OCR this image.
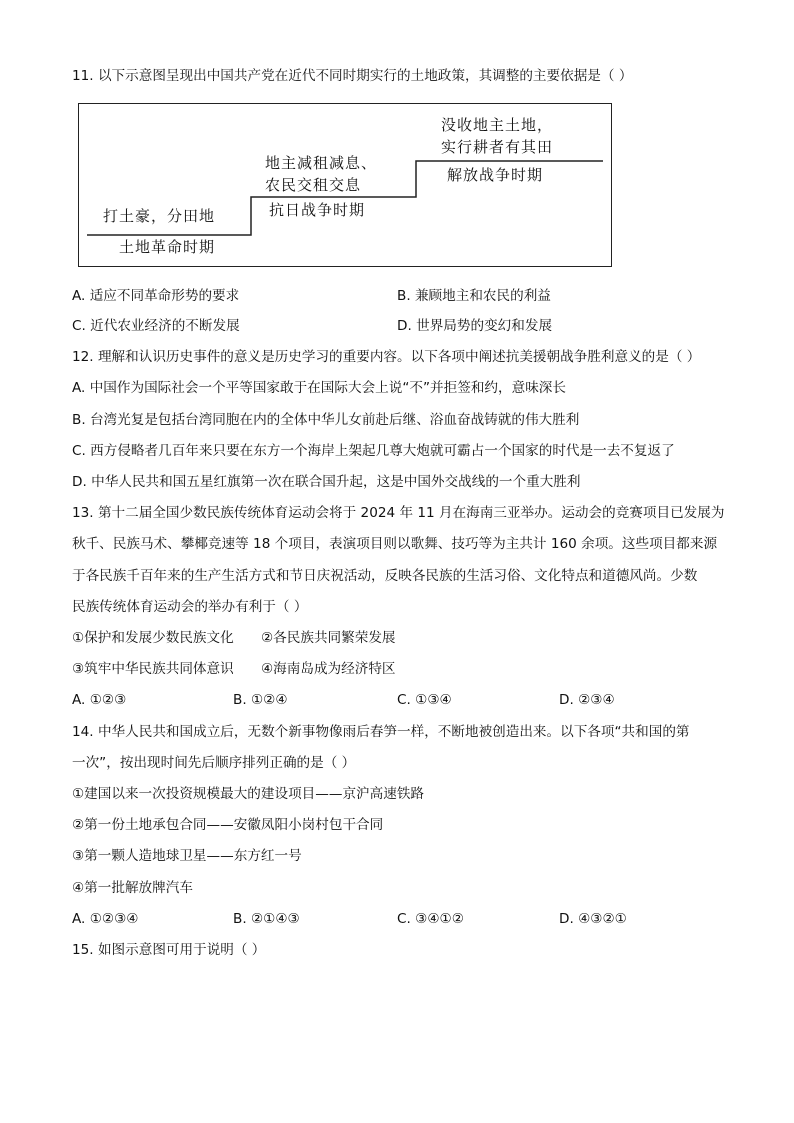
11. 以下示意图呈现出中国共产党在近代不同时期实行的土地政策，其调整的主要依据是（ ）
打土豪，分田地
土地革命时期
地主减租减息、
农民交租交息
抗日战争时期
没收地主土地，
实行耕者有其田
解放战争时期
A. 适应不同革命形势的要求	B. 兼顾地主和农民的利益
C. 近代农业经济的不断发展	D. 世界局势的变幻和发展
12. 理解和认识历史事件的意义是历史学习的重要内容。以下各项中阐述抗美援朝战争胜利意义的是（ ）
A. 中国作为国际社会一个平等国家敢于在国际大会上说“不”并拒签和约，意味深长
B. 台湾光复是包括台湾同胞在内的全体中华儿女前赴后继、浴血奋战铸就的伟大胜利
C. 西方侵略者几百年来只要在东方一个海岸上架起几尊大炮就可霸占一个国家的时代是一去不复返了
D. 中华人民共和国五星红旗第一次在联合国升起，这是中国外交战线的一个重大胜利
13. 第十二届全国少数民族传统体育运动会将于 2024 年 11 月在海南三亚举办。运动会的竞赛项目已发展为
秋千、民族马术、攀椰竞速等 18 个项目，表演项目则以歌舞、技巧等为主共计 160 余项。这些项目都来源
于各民族千百年来的生产生活方式和节日庆祝活动，反映各民族的生活习俗、文化特点和道德风尚。少数
民族传统体育运动会的举办有利于（ ）
①保护和发展少数民族文化 ②各民族共同繁荣发展
③筑牢中华民族共同体意识 ④海南岛成为经济特区
A. ①②③	B. ①②④	C. ①③④	D. ②③④
14. 中华人民共和国成立后，无数个新事物像雨后春笋一样，不断地被创造出来。以下各项“共和国的第
一次”，按出现时间先后顺序排列正确的是（ ）
①建国以来一次投资规模最大的建设项目——京沪高速铁路
②第一份土地承包合同——安徽凤阳小岗村包干合同
③第一颗人造地球卫星——东方红一号
④第一批解放牌汽车
A. ①②③④	B. ②①④③	C. ③④①②	D. ④③②①
15. 如图示意图可用于说明（ ）
